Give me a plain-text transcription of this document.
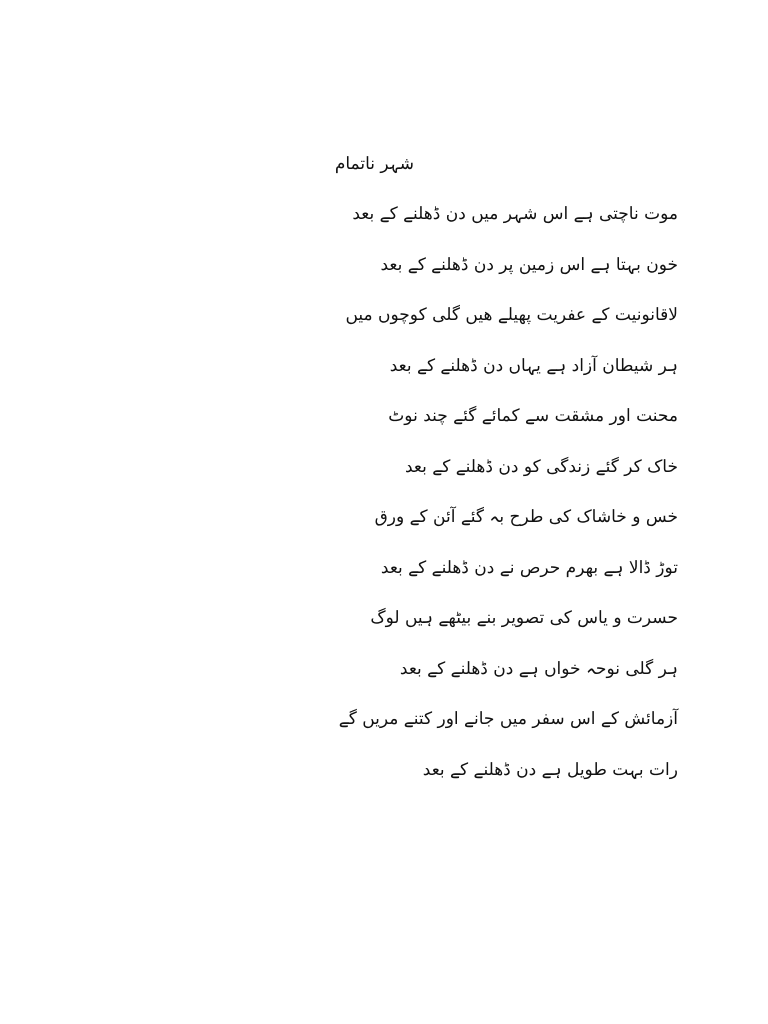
شہر ناتمام
موت ناچتی ہے اس شہر میں دن ڈھلنے کے بعد
خون بہتا ہے اس زمین پر دن ڈھلنے کے بعد
لاقانونیت کے عفریت پھیلے ھیں گلی کوچوں میں
ہر شیطان آزاد ہے یہاں دن ڈھلنے کے بعد
محنت اور مشقت سے کمائے گئے چند نوٹ
خاک کر گئے زندگی کو دن ڈھلنے کے بعد
خس و خاشاک کی طرح بہ گئے آئن کے ورق
توڑ ڈالا ہے بھرم حرص نے دن ڈھلنے کے بعد
حسرت و یاس کی تصویر بنے بیٹھے ہیں لوگ
ہر گلی نوحہ خواں ہے دن ڈھلنے کے بعد
آزمائش کے اس سفر میں جانے اور کتنے مریں گے
رات بہت طویل ہے دن ڈھلنے کے بعد
